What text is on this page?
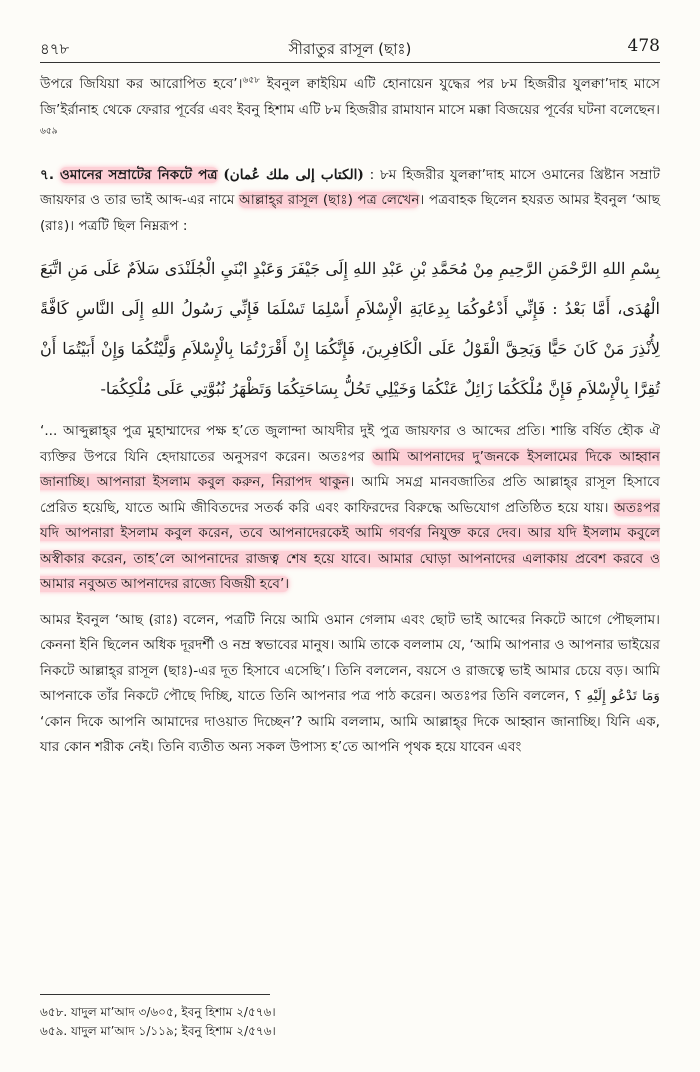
৪৭৮	সীরাতুর রাসূল (ছাঃ)	478

উপরে জিযিয়া কর আরোপিত হবে’।$^{৬৫৮}$ ইবনুল ক্বাইয়িম এটি হোনায়েন যুদ্ধের পর ৮ম হিজরীর যুলক্বা’দাহ মাসে জি’ইর্রানাহ থেকে ফেরার পূর্বের এবং ইবনু হিশাম এটি ৮ম হিজরীর রামাযান মাসে মক্কা বিজয়ের পূর্বের ঘটনা বলেছেন।$^{৬৫৯}$

৭. ওমানের সম্রাটের নিকটে পত্র (الكتاب إلى ملك عُمان) : ৮ম হিজরীর যুলক্বা’দাহ মাসে ওমানের খ্রিষ্টান সম্রাট জায়ফার ও তার ভাই আব্দ-এর নামে আল্লাহ্‌র রাসূল (ছাঃ) পত্র লেখেন। পত্রবাহক ছিলেন হযরত আমর ইবনুল ‘আছ (রাঃ)। পত্রটি ছিল নিম্নরূপ :

بِسْمِ اللهِ الرَّحْمَنِ الرَّحِيمِ مِنْ مُحَمَّدِ بْنِ عَبْدِ اللهِ إِلَى جَيْفَرَ وَعَبْدٍ ابْنَيِ الْجُلَنْدَى سَلاَمٌ عَلَى مَنِ اتَّبَعَ الْهُدَى، أَمَّا بَعْدُ : فَإِنِّي أَدْعُوكُمَا بِدِعَايَةِ الْإِسْلاَمِ أَسْلِمَا تَسْلَمَا فَإِنِّي رَسُولُ اللهِ إِلَى النَّاسِ كَافَّةً لِأُنْذِرَ مَنْ كَانَ حَيًّا وَيَحِقَّ الْقَوْلُ عَلَى الْكَافِرِينَ، فَإِنَّكُمَا إِنْ أَقْرَرْتُمَا بِالْإِسْلاَمِ وَلَّيْتُكُمَا وَإِنْ أَبَيْتُمَا أَنْ تُقِرَّا بِالْإِسْلاَمِ فَإِنَّ مُلْكَكُمَا زَائِلٌ عَنْكُمَا وَخَيْلِي تَحُلُّ بِسَاحَتِكُمَا وَتَظْهَرُ نُبُوَّتِي عَلَى مُلْكِكُمَا-

‘... আব্দুল্লাহ্‌র পুত্র মুহাম্মাদের পক্ষ হ’তে জুলান্দা আযদীর দুই পুত্র জায়ফার ও আব্দের প্রতি। শান্তি বর্ষিত হৌক ঐ ব্যক্তির উপরে যিনি হেদায়াতের অনুসরণ করেন। অতঃপর আমি আপনাদের দু’জনকে ইসলামের দিকে আহ্বান জানাচ্ছি। আপনারা ইসলাম কবুল করুন, নিরাপদ থাকুন। আমি সমগ্র মানবজাতির প্রতি আল্লাহ্‌র রাসূল হিসাবে প্রেরিত হয়েছি, যাতে আমি জীবিতদের সতর্ক করি এবং কাফিরদের বিরুদ্ধে অভিযোগ প্রতিষ্ঠিত হয়ে যায়। অতঃপর যদি আপনারা ইসলাম কবুল করেন, তবে আপনাদেরকেই আমি গবর্ণর নিযুক্ত করে দেব। আর যদি ইসলাম কবুলে অস্বীকার করেন, তাহ’লে আপনাদের রাজত্ব শেষ হয়ে যাবে। আমার ঘোড়া আপনাদের এলাকায় প্রবেশ করবে ও আমার নবুঅত আপনাদের রাজ্যে বিজয়ী হবে’।

আমর ইবনুল ‘আছ (রাঃ) বলেন, পত্রটি নিয়ে আমি ওমান গেলাম এবং ছোট ভাই আব্দের নিকটে আগে পৌছলাম। কেননা ইনি ছিলেন অধিক দূরদর্শী ও নম্র স্বভাবের মানুষ। আমি তাকে বললাম যে, ‘আমি আপনার ও আপনার ভাইয়ের নিকটে আল্লাহ্‌র রাসূল (ছাঃ)-এর দূত হিসাবে এসেছি’। তিনি বললেন, বয়সে ও রাজত্বে ভাই আমার চেয়ে বড়। আমি আপনাকে তাঁর নিকটে পৌছে দিচ্ছি, যাতে তিনি আপনার পত্র পাঠ করেন। অতঃপর তিনি বললেন, وَمَا تَدْعُو إِلَيْهِ ؟ ‘কোন দিকে আপনি আমাদের দাওয়াত দিচ্ছেন’? আমি বললাম, আমি আল্লাহ্‌র দিকে আহ্বান জানাচ্ছি। যিনি এক, যার কোন শরীক নেই। তিনি ব্যতীত অন্য সকল উপাস্য হ’তে আপনি পৃথক হয়ে যাবেন এবং

৬৫৮. যাদুল মা’আদ ৩/৬০৫, ইবনু হিশাম ২/৫৭৬।
৬৫৯. যাদুল মা’আদ ১/১১৯; ইবনু হিশাম ২/৫৭৬।
